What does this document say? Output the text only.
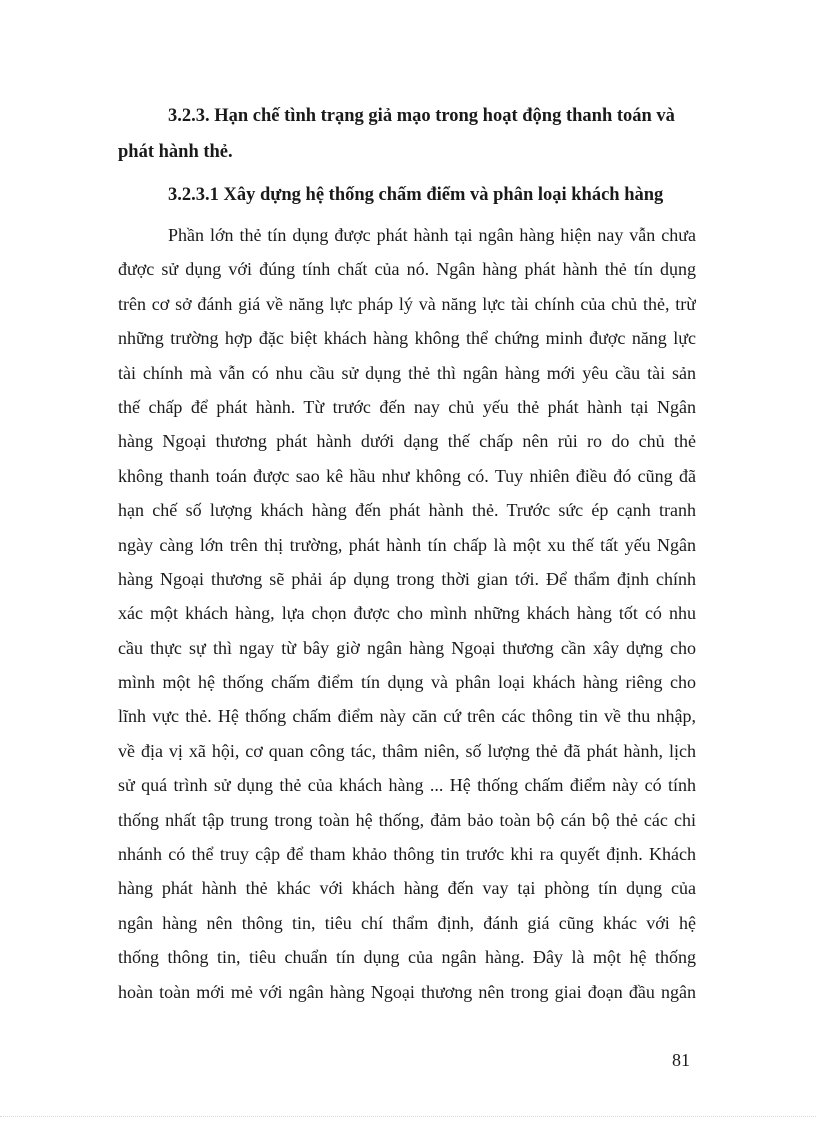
3.2.3. Hạn chế tình trạng giả mạo trong hoạt động thanh toán và
phát hành thẻ.

3.2.3.1 Xây dựng hệ thống chấm điểm và phân loại khách hàng

Phần lớn thẻ tín dụng được phát hành tại ngân hàng hiện nay vẫn chưa
được sử dụng với đúng tính chất của nó. Ngân hàng phát hành thẻ tín dụng
trên cơ sở đánh giá về năng lực pháp lý và năng lực tài chính của chủ thẻ, trừ
những trường hợp đặc biệt khách hàng không thể chứng minh được năng lực
tài chính mà vẫn có nhu cầu sử dụng thẻ thì ngân hàng mới yêu cầu tài sản
thế chấp để phát hành. Từ trước đến nay chủ yếu thẻ phát hành tại Ngân
hàng Ngoại thương phát hành dưới dạng thế chấp nên rủi ro do chủ thẻ
không thanh toán được sao kê hầu như không có. Tuy nhiên điều đó cũng đã
hạn chế số lượng khách hàng đến phát hành thẻ. Trước sức ép cạnh tranh
ngày càng lớn trên thị trường, phát hành tín chấp là một xu thế tất yếu Ngân
hàng Ngoại thương sẽ phải áp dụng trong thời gian tới. Để thẩm định chính
xác một khách hàng, lựa chọn được cho mình những khách hàng tốt có nhu
cầu thực sự thì ngay từ bây giờ ngân hàng Ngoại thương cần xây dựng cho
mình một hệ thống chấm điểm tín dụng và phân loại khách hàng riêng cho
lĩnh vực thẻ. Hệ thống chấm điểm này căn cứ trên các thông tin về thu nhập,
về địa vị xã hội, cơ quan công tác, thâm niên, số lượng thẻ đã phát hành, lịch
sử quá trình sử dụng thẻ của khách hàng ... Hệ thống chấm điểm này có tính
thống nhất tập trung trong toàn hệ thống, đảm bảo toàn bộ cán bộ thẻ các chi
nhánh có thể truy cập để tham khảo thông tin trước khi ra quyết định. Khách
hàng phát hành thẻ khác với khách hàng đến vay tại phòng tín dụng của
ngân hàng nên thông tin, tiêu chí thẩm định, đánh giá cũng khác với hệ
thống thông tin, tiêu chuẩn tín dụng của ngân hàng. Đây là một hệ thống
hoàn toàn mới mẻ với ngân hàng Ngoại thương nên trong giai đoạn đầu ngân
81
